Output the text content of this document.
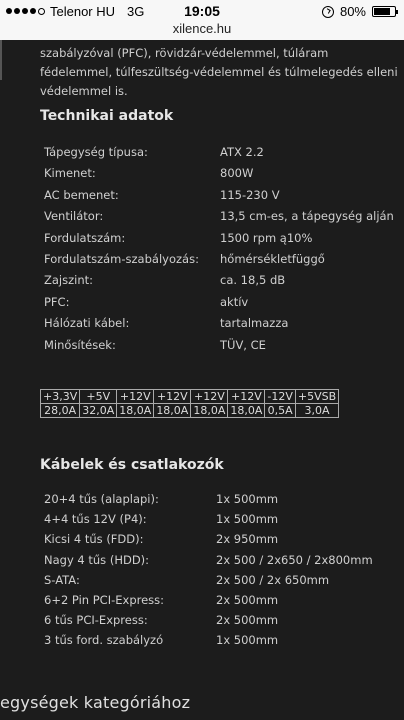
Telenor HU 3G	19:05
xilence.hu
80%

szabályzóval (PFC), rövidzár-védelemmel, túláram fédelemmel, túlfeszültség-védelemmel és túlmelegedés elleni védelemmel is.

Technikai adatok
Tápegység típusa:	ATX 2.2
Kimenet:	800W
AC bemenet:	115-230 V
Ventilátor:	13,5 cm-es, a tápegység alján
Fordulatszám:	1500 rpm ą10%
Fordulatszám-szabályozás: hőmérsékletfüggő
Zajszint:	ca. 18,5 dB
PFC:	aktív
Hálózati kábel:	tartalmazza
Minősítések:	TÜV, CE
+3,3V	+5V	+12V	+12V	+12V	+12V	-12V	+5VSB
28,0A	32,0A	18,0A	18,0A	18,0A	18,0A	0,5A	3,0A
Kábelek és csatlakozók
20+4 tűs (alaplapi):	1x 500mm
4+4 tűs 12V (P4):	1x 500mm
Kicsi 4 tűs (FDD):	2x 950mm
Nagy 4 tűs (HDD):	2x 500 / 2x650 / 2x800mm
S-ATA:	2x 500 / 2x 650mm
6+2 Pin PCI-Express:	2x 500mm
6 tűs PCI-Express:	2x 500mm
3 tűs ford. szabályzó	1x 500mm
egységek kategóriához
